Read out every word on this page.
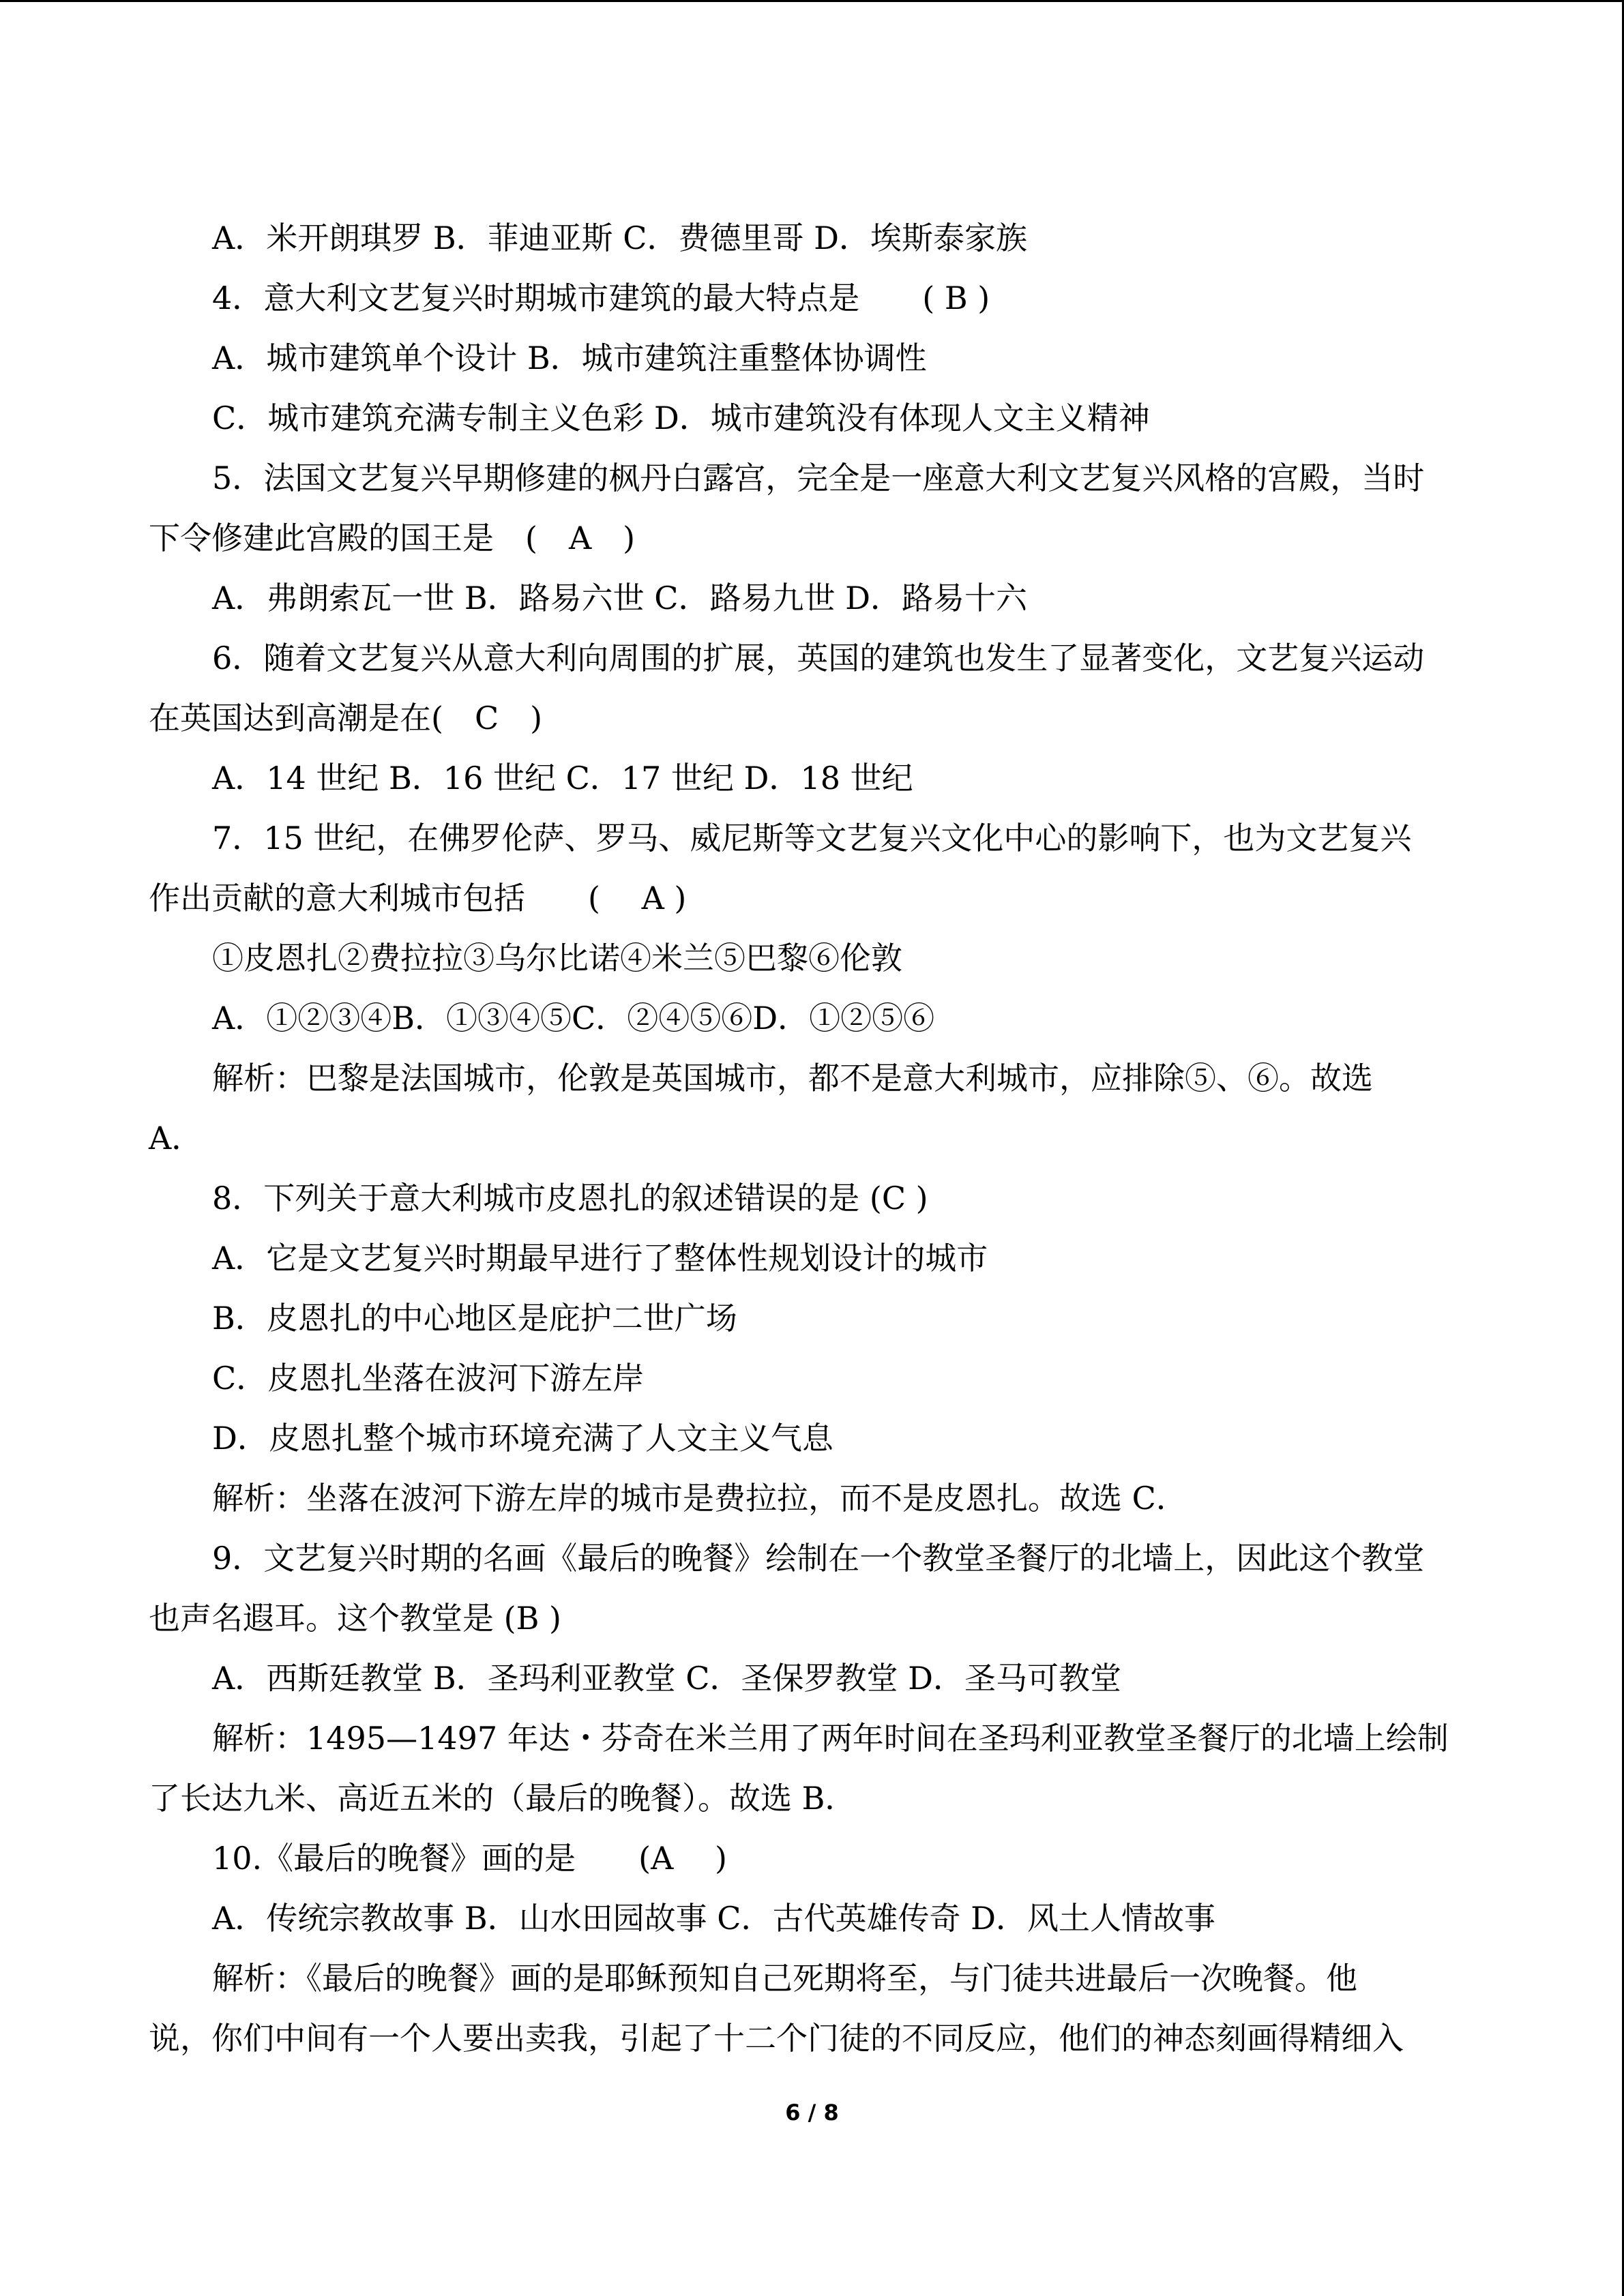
A．米开朗琪罗 B．菲迪亚斯 C．费德里哥 D．埃斯泰家族
4．意大利文艺复兴时期城市建筑的最大特点是　　( B )
A．城市建筑单个设计 B．城市建筑注重整体协调性
C．城市建筑充满专制主义色彩 D．城市建筑没有体现人文主义精神
5．法国文艺复兴早期修建的枫丹白露宫，完全是一座意大利文艺复兴风格的宫殿，当时
下令修建此宫殿的国王是　(　A　)
A．弗朗索瓦一世 B．路易六世 C．路易九世 D．路易十六
6．随着文艺复兴从意大利向周围的扩展，英国的建筑也发生了显著变化，文艺复兴运动
在英国达到高潮是在(　C　)
A．14 世纪 B．16 世纪 C．17 世纪 D．18 世纪
7．15 世纪，在佛罗伦萨、罗马、威尼斯等文艺复兴文化中心的影响下，也为文艺复兴
作出贡献的意大利城市包括　　(　 A )
①皮恩扎②费拉拉③乌尔比诺④米兰⑤巴黎⑥伦敦
A．①②③④B．①③④⑤C．②④⑤⑥D．①②⑤⑥
解析：巴黎是法国城市，伦敦是英国城市，都不是意大利城市，应排除⑤、⑥。故选
A．
8．下列关于意大利城市皮恩扎的叙述错误的是 (C )
A．它是文艺复兴时期最早进行了整体性规划设计的城市
B．皮恩扎的中心地区是庇护二世广场
C．皮恩扎坐落在波河下游左岸
D．皮恩扎整个城市环境充满了人文主义气息
解析：坐落在波河下游左岸的城市是费拉拉，而不是皮恩扎。故选 C．
9．文艺复兴时期的名画《最后的晚餐》绘制在一个教堂圣餐厅的北墙上，因此这个教堂
也声名遐耳。这个教堂是 (B )
A．西斯廷教堂 B．圣玛利亚教堂 C．圣保罗教堂 D．圣马可教堂
解析：1495—1497 年达・芬奇在米兰用了两年时间在圣玛利亚教堂圣餐厅的北墙上绘制
了长达九米、高近五米的（最后的晚餐）。故选 B．
10.《最后的晚餐》画的是　　(A　 )
A．传统宗教故事 B．山水田园故事 C．古代英雄传奇 D．风土人情故事
解析：《最后的晚餐》画的是耶稣预知自己死期将至，与门徒共进最后一次晚餐。他
说，你们中间有一个人要出卖我，引起了十二个门徒的不同反应，他们的神态刻画得精细入
6 / 8
